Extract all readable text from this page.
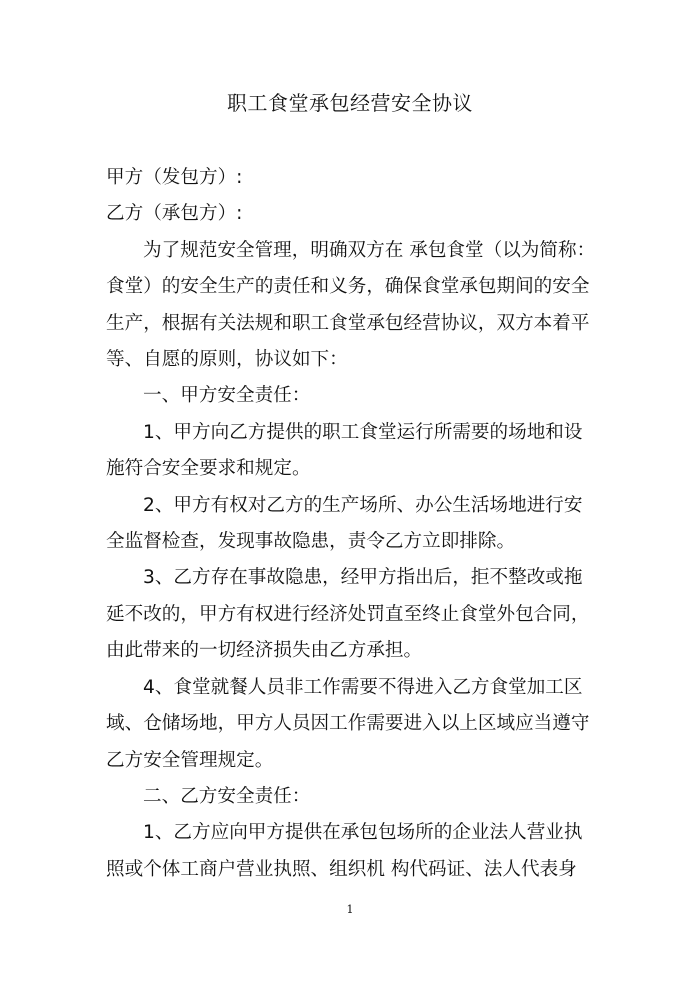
职工食堂承包经营安全协议

甲方（发包方）:

乙方（承包方）:

为了规范安全管理，明确双方在 承包食堂（以为简称：

食堂）的安全生产的责任和义务，确保食堂承包期间的安全

生产，根据有关法规和职工食堂承包经营协议，双方本着平

等、自愿的原则，协议如下：

一、甲方安全责任：

1、甲方向乙方提供的职工食堂运行所需要的场地和设

施符合安全要求和规定。

2、甲方有权对乙方的生产场所、办公生活场地进行安

全监督检查，发现事故隐患，责令乙方立即排除。

3、乙方存在事故隐患，经甲方指出后，拒不整改或拖

延不改的，甲方有权进行经济处罚直至终止食堂外包合同，

由此带来的一切经济损失由乙方承担。

4、食堂就餐人员非工作需要不得进入乙方食堂加工区

域、仓储场地，甲方人员因工作需要进入以上区域应当遵守

乙方安全管理规定。

二、乙方安全责任：

1、乙方应向甲方提供在承包包场所的企业法人营业执

照或个体工商户营业执照、组织机 构代码证、法人代表身

1
